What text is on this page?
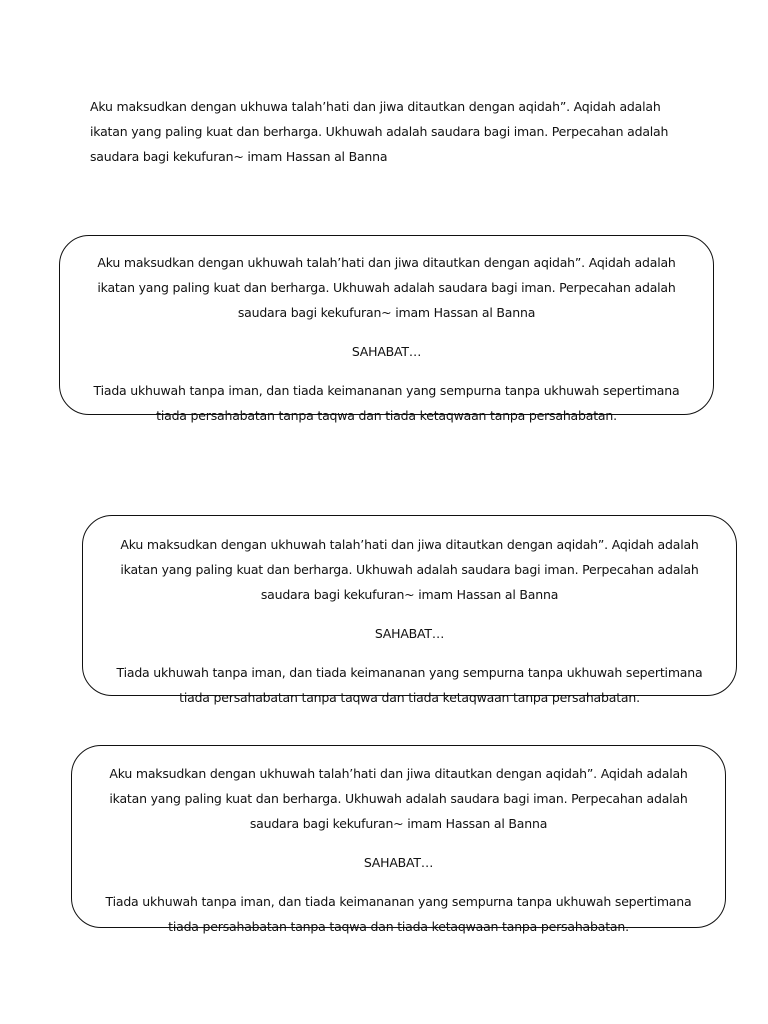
Aku maksudkan dengan ukhuwa talah’hati dan jiwa ditautkan dengan aqidah”. Aqidah adalah ikatan yang paling kuat dan berharga. Ukhuwah adalah saudara bagi iman. Perpecahan adalah saudara bagi kekufuran~ imam Hassan al Banna

Aku maksudkan dengan ukhuwah talah’hati dan jiwa ditautkan dengan aqidah”. Aqidah adalah ikatan yang paling kuat dan berharga. Ukhuwah adalah saudara bagi iman. Perpecahan adalah saudara bagi kekufuran~ imam Hassan al Banna

SAHABAT…

Tiada ukhuwah tanpa iman, dan tiada keimananan yang sempurna tanpa ukhuwah sepertimana tiada persahabatan tanpa taqwa dan tiada ketaqwaan tanpa persahabatan.

Aku maksudkan dengan ukhuwah talah’hati dan jiwa ditautkan dengan aqidah”. Aqidah adalah ikatan yang paling kuat dan berharga. Ukhuwah adalah saudara bagi iman. Perpecahan adalah saudara bagi kekufuran~ imam Hassan al Banna

SAHABAT…

Tiada ukhuwah tanpa iman, dan tiada keimananan yang sempurna tanpa ukhuwah sepertimana tiada persahabatan tanpa taqwa dan tiada ketaqwaan tanpa persahabatan.

Aku maksudkan dengan ukhuwah talah’hati dan jiwa ditautkan dengan aqidah”. Aqidah adalah ikatan yang paling kuat dan berharga. Ukhuwah adalah saudara bagi iman. Perpecahan adalah saudara bagi kekufuran~ imam Hassan al Banna

SAHABAT…

Tiada ukhuwah tanpa iman, dan tiada keimananan yang sempurna tanpa ukhuwah sepertimana tiada persahabatan tanpa taqwa dan tiada ketaqwaan tanpa persahabatan.
